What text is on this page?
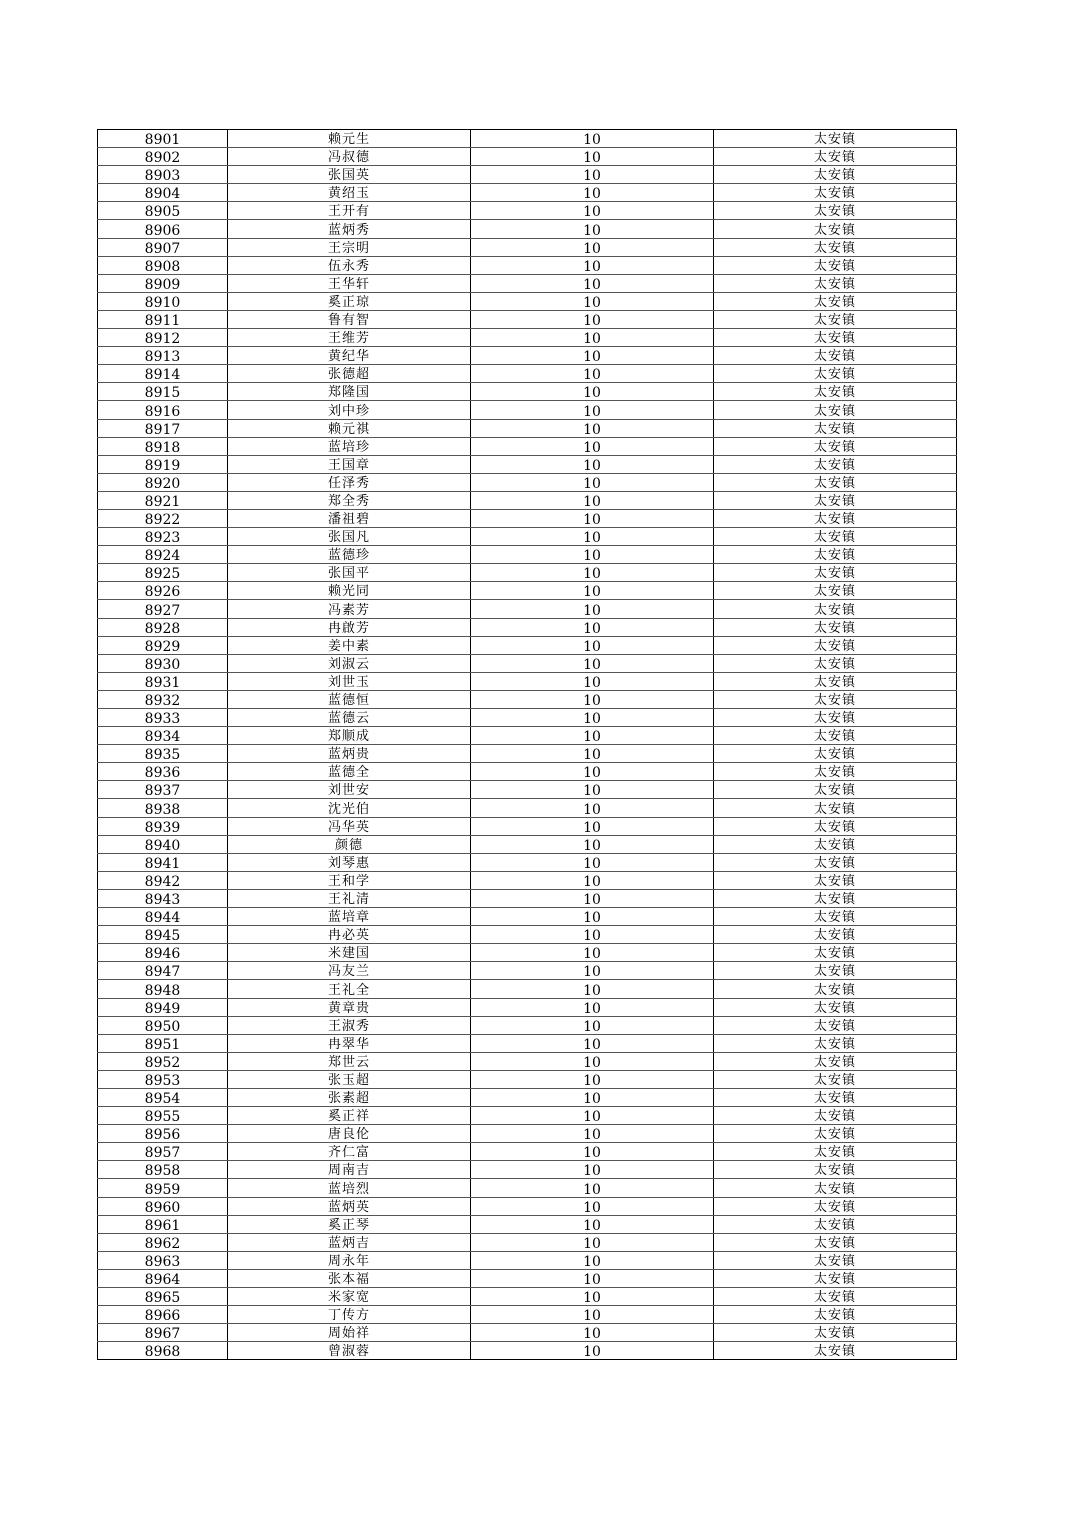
8901	赖元生	10	太安镇
8902	冯叔德	10	太安镇
8903	张国英	10	太安镇
8904	黄绍玉	10	太安镇
8905	王开有	10	太安镇
8906	蓝炳秀	10	太安镇
8907	王宗明	10	太安镇
8908	伍永秀	10	太安镇
8909	王华轩	10	太安镇
8910	奚正琼	10	太安镇
8911	鲁有智	10	太安镇
8912	王维芳	10	太安镇
8913	黄纪华	10	太安镇
8914	张德超	10	太安镇
8915	郑隆国	10	太安镇
8916	刘中珍	10	太安镇
8917	赖元祺	10	太安镇
8918	蓝培珍	10	太安镇
8919	王国章	10	太安镇
8920	任泽秀	10	太安镇
8921	郑全秀	10	太安镇
8922	潘祖碧	10	太安镇
8923	张国凡	10	太安镇
8924	蓝德珍	10	太安镇
8925	张国平	10	太安镇
8926	赖光同	10	太安镇
8927	冯素芳	10	太安镇
8928	冉啟芳	10	太安镇
8929	姜中素	10	太安镇
8930	刘淑云	10	太安镇
8931	刘世玉	10	太安镇
8932	蓝德恒	10	太安镇
8933	蓝德云	10	太安镇
8934	郑顺成	10	太安镇
8935	蓝炳贵	10	太安镇
8936	蓝德全	10	太安镇
8937	刘世安	10	太安镇
8938	沈光伯	10	太安镇
8939	冯华英	10	太安镇
8940	颜德	10	太安镇
8941	刘琴惠	10	太安镇
8942	王和学	10	太安镇
8943	王礼清	10	太安镇
8944	蓝培章	10	太安镇
8945	冉必英	10	太安镇
8946	米建国	10	太安镇
8947	冯友兰	10	太安镇
8948	王礼全	10	太安镇
8949	黄章贵	10	太安镇
8950	王淑秀	10	太安镇
8951	冉翠华	10	太安镇
8952	郑世云	10	太安镇
8953	张玉超	10	太安镇
8954	张素超	10	太安镇
8955	奚正祥	10	太安镇
8956	唐良伦	10	太安镇
8957	齐仁富	10	太安镇
8958	周南吉	10	太安镇
8959	蓝培烈	10	太安镇
8960	蓝炳英	10	太安镇
8961	奚正琴	10	太安镇
8962	蓝炳吉	10	太安镇
8963	周永年	10	太安镇
8964	张本福	10	太安镇
8965	米家宽	10	太安镇
8966	丁传方	10	太安镇
8967	周始祥	10	太安镇
8968	曾淑蓉	10	太安镇
